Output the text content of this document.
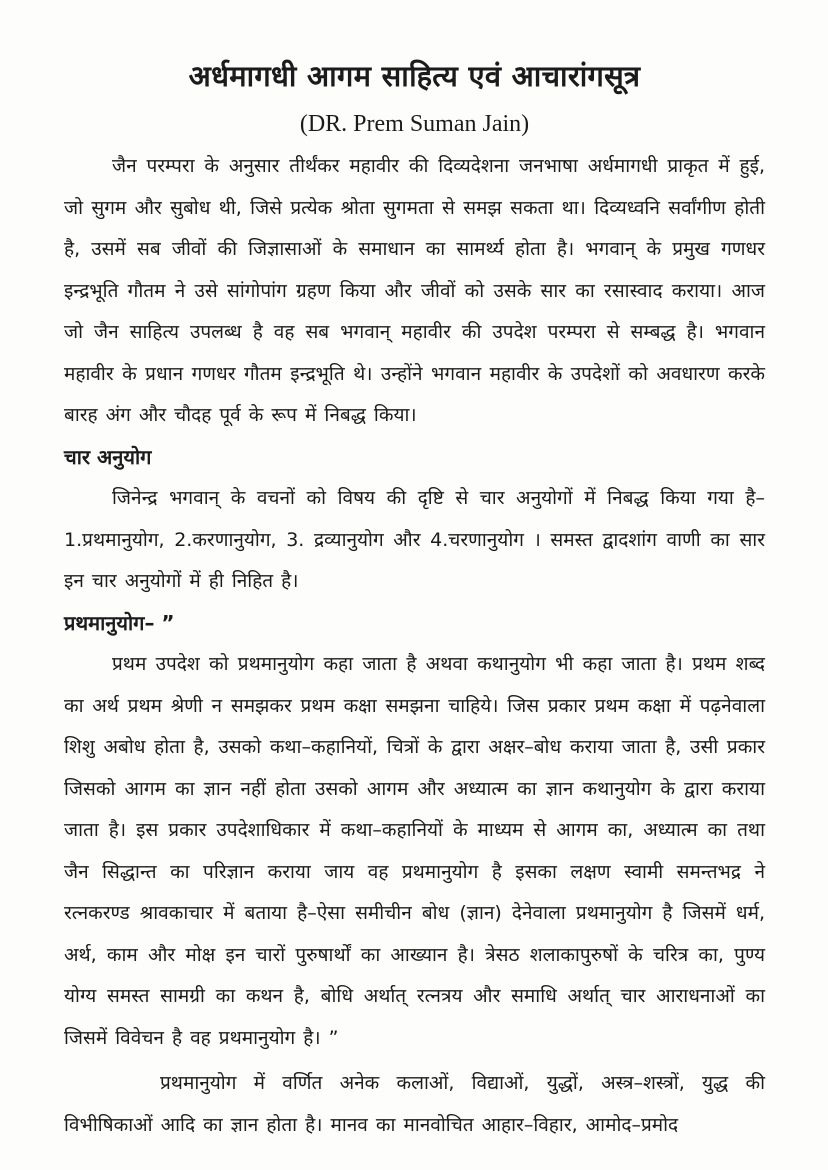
अर्धमागधी आगम साहित्य एवं आचारांगसूत्र
(DR. Prem Suman Jain)

जैन परम्परा के अनुसार तीर्थंकर महावीर की दिव्यदेशना जनभाषा अर्धमागधी प्राकृत में हुई, जो सुगम और सुबोध थी, जिसे प्रत्येक श्रोता सुगमता से समझ सकता था। दिव्यध्वनि सर्वांगीण होती है, उसमें सब जीवों की जिज्ञासाओं के समाधान का सामर्थ्य होता है। भगवान् के प्रमुख गणधर इन्द्रभूति गौतम ने उसे सांगोपांग ग्रहण किया और जीवों को उसके सार का रसास्वाद कराया। आज जो जैन साहित्य उपलब्ध है वह सब भगवान् महावीर की उपदेश परम्परा से सम्बद्ध है। भगवान महावीर के प्रधान गणधर गौतम इन्द्रभूति थे। उन्होंने भगवान महावीर के उपदेशों को अवधारण करके बारह अंग और चौदह पूर्व के रूप में निबद्ध किया।

चार अनुयोग

जिनेन्द्र भगवान् के वचनों को विषय की दृष्टि से चार अनुयोगों में निबद्ध किया गया है–1.प्रथमानुयोग, 2.करणानुयोग, 3. द्रव्यानुयोग और 4.चरणानुयोग । समस्त द्वादशांग वाणी का सार इन चार अनुयोगों में ही निहित है।

प्रथमानुयोग– ”

प्रथम उपदेश को प्रथमानुयोग कहा जाता है अथवा कथानुयोग भी कहा जाता है। प्रथम शब्द का अर्थ प्रथम श्रेणी न समझकर प्रथम कक्षा समझना चाहिये। जिस प्रकार प्रथम कक्षा में पढ़नेवाला शिशु अबोध होता है, उसको कथा–कहानियों, चित्रों के द्वारा अक्षर–बोध कराया जाता है, उसी प्रकार जिसको आगम का ज्ञान नहीं होता उसको आगम और अध्यात्म का ज्ञान कथानुयोग के द्वारा कराया जाता है। इस प्रकार उपदेशाधिकार में कथा–कहानियों के माध्यम से आगम का, अध्यात्म का तथा जैन सिद्धान्त का परिज्ञान कराया जाय वह प्रथमानुयोग है इसका लक्षण स्वामी समन्तभद्र ने रत्नकरण्ड श्रावकाचार में बताया है–ऐसा समीचीन बोध (ज्ञान) देनेवाला प्रथमानुयोग है जिसमें धर्म, अर्थ, काम और मोक्ष इन चारों पुरुषार्थों का आख्यान है। त्रेसठ शलाकापुरुषों के चरित्र का, पुण्य योग्य समस्त सामग्री का कथन है, बोधि अर्थात् रत्नत्रय और समाधि अर्थात् चार आराधनाओं का जिसमें विवेचन है वह प्रथमानुयोग है। ”

प्रथमानुयोग में वर्णित अनेक कलाओं, विद्याओं, युद्धों, अस्त्र–शस्त्रों, युद्ध की विभीषिकाओं आदि का ज्ञान होता है। मानव का मानवोचित आहार–विहार, आमोद–प्रमोद
